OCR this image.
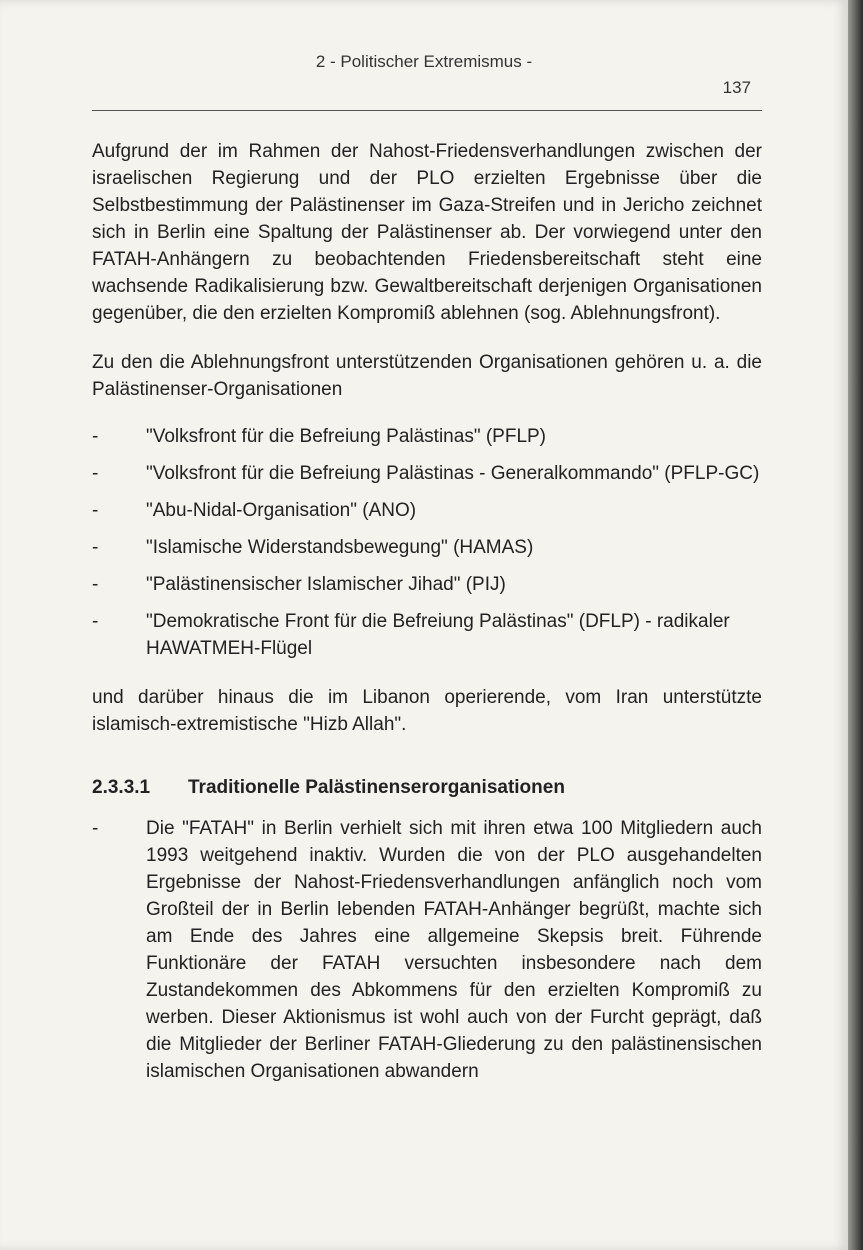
2 - Politischer Extremismus -
137

Aufgrund der im Rahmen der Nahost-Friedensverhandlungen zwischen der israelischen Regierung und der PLO erzielten Ergebnisse über die Selbstbestimmung der Palästinenser im Gaza-Streifen und in Jericho zeichnet sich in Berlin eine Spaltung der Palästinenser ab. Der vorwiegend unter den FATAH-Anhängern zu beobachtenden Friedensbereitschaft steht eine wachsende Radikalisierung bzw. Gewaltbereitschaft derjenigen Organisationen gegenüber, die den erzielten Kompromiß ablehnen (sog. Ablehnungsfront).

Zu den die Ablehnungsfront unterstützenden Organisationen gehören u. a. die Palästinenser-Organisationen

-	"Volksfront für die Befreiung Palästinas" (PFLP)
-	"Volksfront für die Befreiung Palästinas - Generalkommando" (PFLP-GC)
-	"Abu-Nidal-Organisation" (ANO)
-	"Islamische Widerstandsbewegung" (HAMAS)
-	"Palästinensischer Islamischer Jihad" (PIJ)
-	"Demokratische Front für die Befreiung Palästinas" (DFLP) - radikaler HAWATMEH-Flügel

und darüber hinaus die im Libanon operierende, vom Iran unterstützte islamisch-extremistische "Hizb Allah".

2.3.3.1	Traditionelle Palästinenserorganisationen
-	Die "FATAH" in Berlin verhielt sich mit ihren etwa 100 Mitgliedern auch 1993 weitgehend inaktiv. Wurden die von der PLO ausgehandelten Ergebnisse der Nahost-Friedensverhandlungen anfänglich noch vom Großteil der in Berlin lebenden FATAH-Anhänger begrüßt, machte sich am Ende des Jahres eine allgemeine Skepsis breit. Führende Funktionäre der FATAH versuchten insbesondere nach dem Zustandekommen des Abkommens für den erzielten Kompromiß zu werben. Dieser Aktionismus ist wohl auch von der Furcht geprägt, daß die Mitglieder der Berliner FATAH-Gliederung zu den palästinensischen islamischen Organisationen abwandern
